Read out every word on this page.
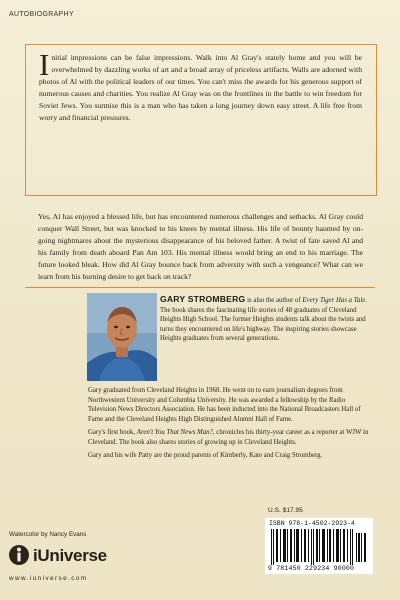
AUTOBIOGRAPHY
Initial impressions can be false impressions. Walk into Al Gray's stately home and you will be overwhelmed by dazzling works of art and a broad array of priceless artifacts. Walls are adorned with photos of Al with the political leaders of our times. You can't miss the awards for his generous support of numerous causes and charities. You realize Al Gray was on the frontlines in the battle to win freedom for Soviet Jews. You surmise this is a man who has taken a long journey down easy street. A life free from worry and financial pressures.
Yes, Al has enjoyed a blessed life, but has encountered numerous challenges and setbacks. Al Gray could conquer Wall Street, but was knocked to his knees by mental illness. His life of bounty haunted by on-going nightmares about the mysterious disappearance of his beloved father. A twist of fate saved Al and his family from death aboard Pan Am 103. His mental illness would bring an end to his marriage. The future looked bleak. How did Al Gray bounce back from adversity with such a vengeance? What can we learn from his burning desire to get back on track?
GARY STROMBERG is also the author of Every Tiger Has a Tale. The book shares the fascinating life stories of 48 graduates of Cleveland Heights High School. The former Heights students talk about the twists and turns they encountered on life's highway. The inspiring stories showcase Heights graduates from several generations.

Gary graduated from Cleveland Heights in 1968. He went on to earn journalism degrees from Northwestern University and Columbia University. He was awarded a fellowship by the Radio Television News Directors Association. He has been inducted into the National Broadcasters Hall of Fame and the Cleveland Heights High Distinguished Alumni Hall of Fame.

Gary's first book, Aren't You That News Man?, chronicles his thirty-year career as a reporter at WJW in Cleveland. The book also shares stories of growing up in Cleveland Heights.

Gary and his wife Patty are the proud parents of Kimberly, Kate and Craig Stromberg.

U.S. $17.95
ISBN 978-1-4502-2923-4
9 781450 229234 90000
Watercolor by Nancy Evans
iUniverse
www.iuniverse.com
